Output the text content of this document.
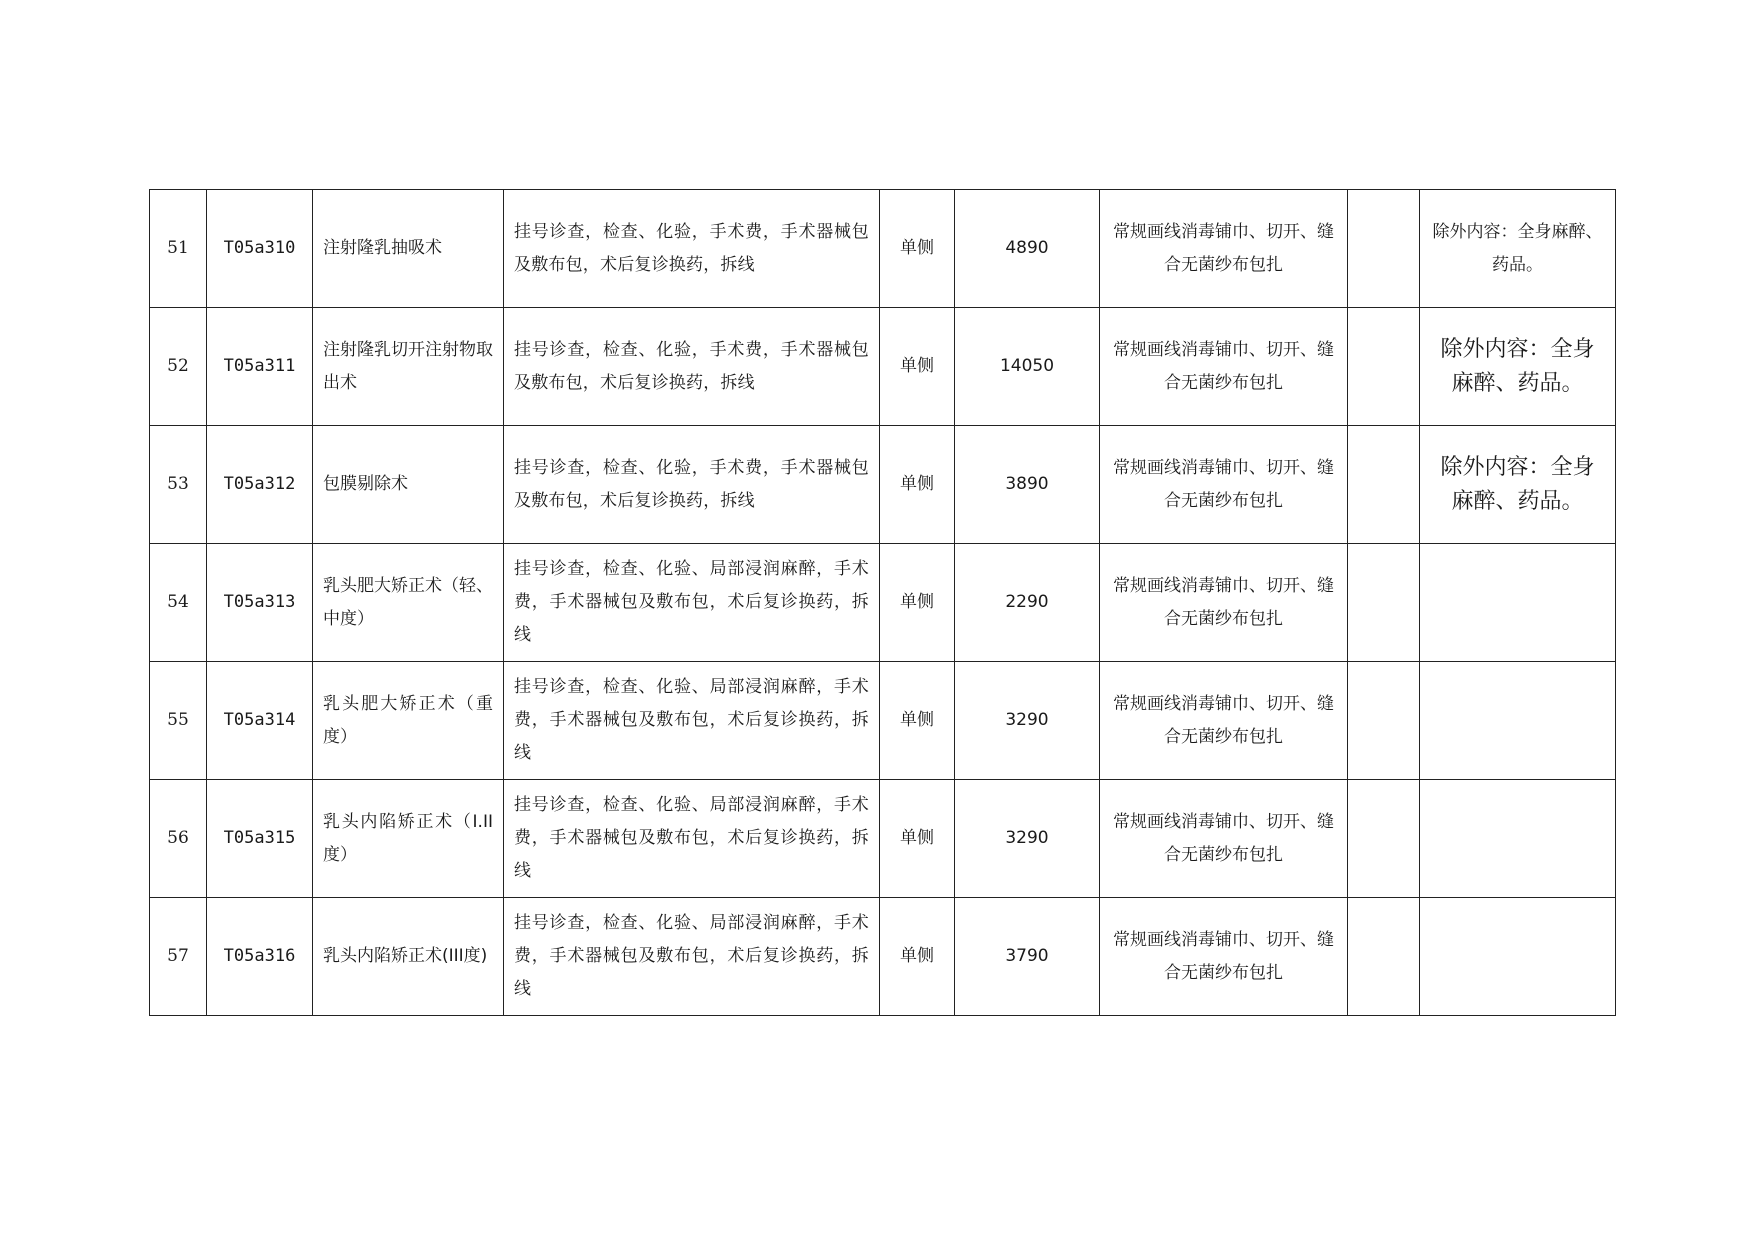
51	T05a310	注射隆乳抽吸术	挂号诊查，检查、化验，手术费，手术器械包及敷布包，术后复诊换药，拆线	单侧	4890	常规画线消毒铺巾、切开、缝合无菌纱布包扎		除外内容：全身麻醉、药品。
52	T05a311	注射隆乳切开注射物取出术	挂号诊查，检查、化验，手术费，手术器械包及敷布包，术后复诊换药，拆线	单侧	14050	常规画线消毒铺巾、切开、缝合无菌纱布包扎		除外内容：全身麻醉、药品。
53	T05a312	包膜剔除术	挂号诊查，检查、化验，手术费，手术器械包及敷布包，术后复诊换药，拆线	单侧	3890	常规画线消毒铺巾、切开、缝合无菌纱布包扎		除外内容：全身麻醉、药品。
54	T05a313	乳头肥大矫正术（轻、中度）	挂号诊查，检查、化验、局部浸润麻醉，手术费，手术器械包及敷布包，术后复诊换药，拆线	单侧	2290	常规画线消毒铺巾、切开、缝合无菌纱布包扎		
55	T05a314	乳头肥大矫正术（重度）	挂号诊查，检查、化验、局部浸润麻醉，手术费，手术器械包及敷布包，术后复诊换药，拆线	单侧	3290	常规画线消毒铺巾、切开、缝合无菌纱布包扎		
56	T05a315	乳头内陷矫正术（I.II度）	挂号诊查，检查、化验、局部浸润麻醉，手术费，手术器械包及敷布包，术后复诊换药，拆线	单侧	3290	常规画线消毒铺巾、切开、缝合无菌纱布包扎		
57	T05a316	乳头内陷矫正术(III度)	挂号诊查，检查、化验、局部浸润麻醉，手术费，手术器械包及敷布包，术后复诊换药，拆线	单侧	3790	常规画线消毒铺巾、切开、缝合无菌纱布包扎		
